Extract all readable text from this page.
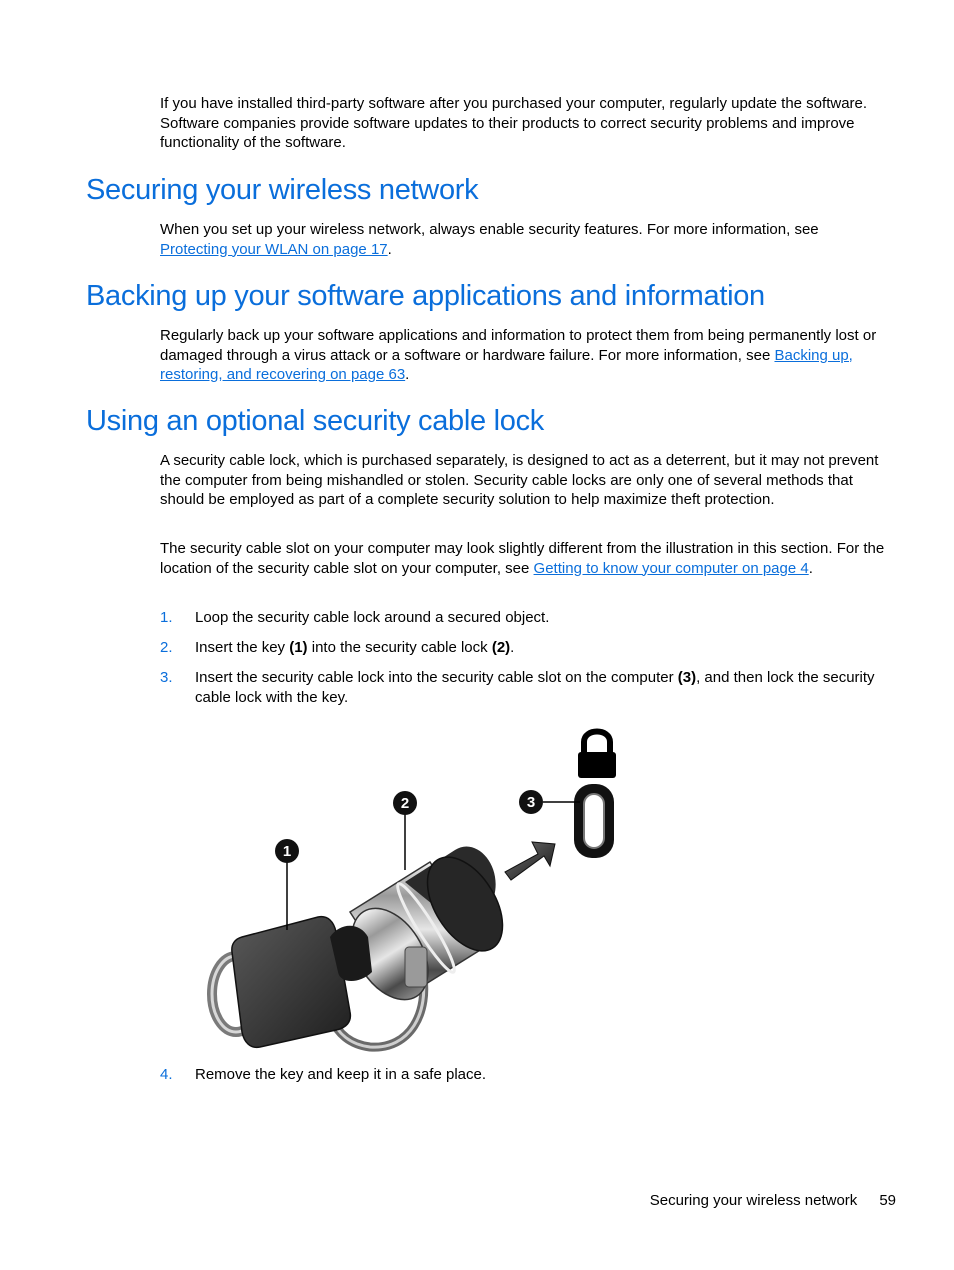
If you have installed third-party software after you purchased your computer, regularly update the software. Software companies provide software updates to their products to correct security problems and improve functionality of the software.

Securing your wireless network

When you set up your wireless network, always enable security features. For more information, see Protecting your WLAN on page 17.

Backing up your software applications and information

Regularly back up your software applications and information to protect them from being permanently lost or damaged through a virus attack or a software or hardware failure. For more information, see Backing up, restoring, and recovering on page 63.

Using an optional security cable lock

A security cable lock, which is purchased separately, is designed to act as a deterrent, but it may not prevent the computer from being mishandled or stolen. Security cable locks are only one of several methods that should be employed as part of a complete security solution to help maximize theft protection.

The security cable slot on your computer may look slightly different from the illustration in this section. For the location of the security cable slot on your computer, see Getting to know your computer on page 4.

1. Loop the security cable lock around a secured object.
2. Insert the key (1) into the security cable lock (2).
3. Insert the security cable lock into the security cable slot on the computer (3), and then lock the security cable lock with the key.
1
2	3
4. Remove the key and keep it in a safe place.
Securing your wireless network 59
